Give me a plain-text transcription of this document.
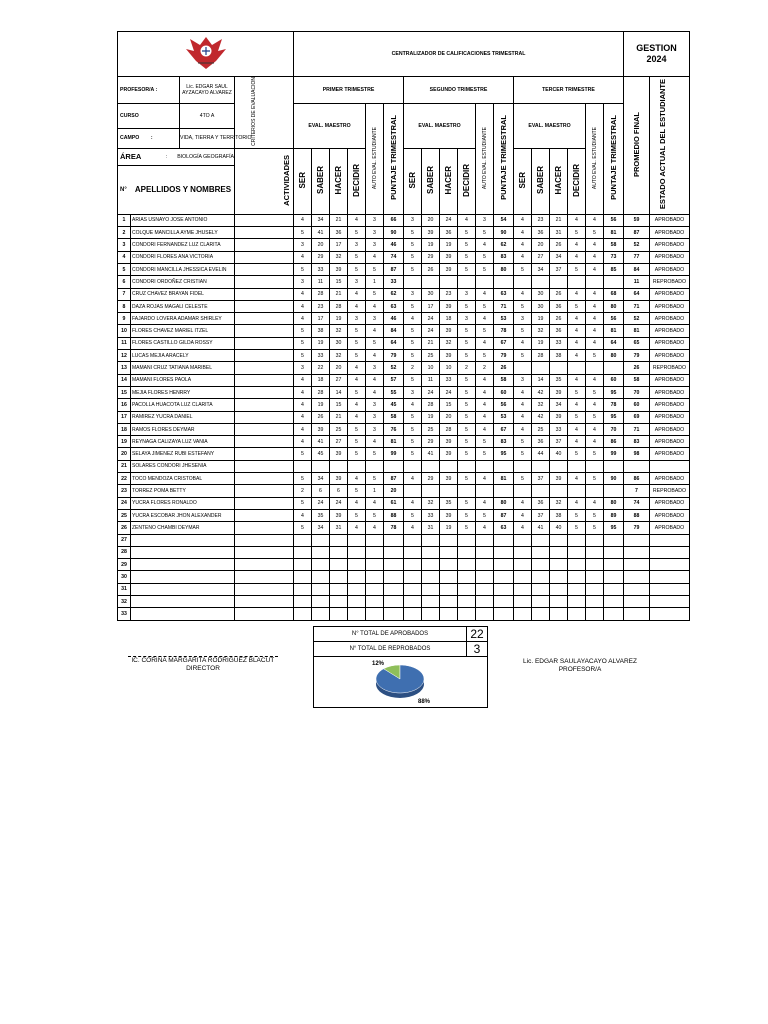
	CENTRALIZADOR DE CALIFICACIONES TRIMESTRAL																		GESTION
2024	

PROFESOR/A :		Lic. EDGAR SAUL AYZACAYO ALVAREZ	CRITERIOS DE EVALUACION	PRIMER TRIMESTRE						SEGUNDO TRIMESTRE						TERCER TRIMESTRE						PROMEDIO FINAL	ESTADO ACTUAL DEL ESTUDIANTE
CURSO		4TO A		EVAL. MAESTRO				AUTO EVAL. ESTUDIANTE	PUNTAJE TRIMESTRAL	EVAL. MAESTRO				AUTO EVAL. ESTUDIANTE	PUNTAJE TRIMESTRAL	EVAL. MAESTRO				AUTO EVAL. ESTUDIANTE	PUNTAJE TRIMESTRAL		
CAMPO        :		VIDA, TIERRA Y TERRITORIO																					

ÁREA :       BIOLOGÍA GEOGRAFÍA
N° APELLIDOS Y NOMBRES			ACTIVIDADES	SER	SABER	HACER	DECIDIR			SER	SABER	HACER	DECIDIR			SER	SABER	HACER	DECIDIR				
1	ARIAS USNAYO JOSE ANTONIO			4	34	21	4	3	66	3	20	24	4	3	54	4	23	21	4	4	56	59	APROBADO
2	COLQUE MANCILLA AYME JHUSELY			5	41	36	5	3	90	5	39	36	5	5	90	4	36	31	5	5	81	87	APROBADO
3	CONDORI FERNANDEZ LUZ CLARITA			3	20	17	3	3	46	5	19	19	5	4	62	4	20	26	4	4	58	52	APROBADO
4	CONDORI FLORES ANA VICTORIA			4	29	32	5	4	74	5	29	39	5	5	83	4	27	34	4	4	73	77	APROBADO
5	CONDORI MANCILLA JHESSICA EVELIN			5	33	39	5	5	87	5	26	39	5	5	80	5	34	37	5	4	85	84	APROBADO
6	CONDORI ORDOÑEZ CRISTIAN			3	11	15	3	1	33													11	REPROBADO
7	CRUZ CHAVEZ BRAYAN FIDEL			4	28	21	4	5	62	3	30	23	3	4	63	4	30	26	4	4	68	64	APROBADO
8	DAZA ROJAS MAGALI CELESTE			4	23	28	4	4	63	5	17	39	5	5	71	5	30	36	5	4	80	71	APROBADO
9	FAJARDO LOVERA ADAMAR SHIRLEY			4	17	19	3	3	46	4	24	18	3	4	53	3	19	26	4	4	56	52	APROBADO
10	FLORES CHAVEZ MARIEL ITZEL			5	38	32	5	4	84	5	24	39	5	5	78	5	32	36	4	4	81	81	APROBADO
11	FLORES CASTILLO GILDA ROSSY			5	19	30	5	5	64	5	21	32	5	4	67	4	19	33	4	4	64	65	APROBADO
12	LUCAS MEJIA ARACELY			5	33	32	5	4	79	5	25	39	5	5	79	5	28	38	4	5	80	79	APROBADO
13	MAMANI CRUZ TATIANA MARIBEL			3	22	20	4	3	52	2	10	10	2	2	26							26	REPROBADO
14	MAMANI FLORES PAOLA			4	18	27	4	4	57	5	11	33	5	4	58	3	14	35	4	4	60	58	APROBADO
15	MEJIA FLORES HENRRY			4	28	14	5	4	55	3	24	24	5	4	60	4	42	39	5	5	95	70	APROBADO
16	PACOLLA HUACOTA LUZ CLARITA			4	19	15	4	3	45	4	28	15	5	4	56	4	32	34	4	4	78	60	APROBADO
17	RAMIREZ YUCRA DANIEL			4	26	21	4	3	58	5	19	20	5	4	53	4	42	39	5	5	95	69	APROBADO
18	RAMOS FLORES DEYMAR			4	39	25	5	3	76	5	25	28	5	4	67	4	25	33	4	4	70	71	APROBADO
19	REYNAGA CALIZAYA LUZ VANIA			4	41	27	5	4	81	5	29	39	5	5	83	5	36	37	4	4	86	83	APROBADO
20	SELAYA JIMENEZ RUBI ESTEFANY			5	45	39	5	5	99	5	41	39	5	5	95	5	44	40	5	5	99	98	APROBADO
21	SOLARES CONDORI JHESENIA																						
22	TOCO MENDOZA CRISTOBAL			5	34	39	4	5	87	4	29	39	5	4	81	5	37	39	4	5	90	86	APROBADO
23	TORREZ POMA BETTY			2	6	6	5	1	20													7	REPROBADO
24	YUCRA FLORES RONALDO			5	24	24	4	4	61	4	32	35	5	4	80	4	36	32	4	4	80	74	APROBADO
25	YUCRA ESCOBAR JHON ALEXANDER			4	35	39	5	5	88	5	33	39	5	5	87	4	37	38	5	5	89	88	APROBADO
26	ZENTENO CHAMBI DEYMAR			5	34	31	4	4	78	4	31	19	5	4	63	4	41	40	5	5	95	79	APROBADO
27																							
28																							
29																							
30																							
31																							
32																							
33																							
N° TOTAL DE APROBADOS	22
N° TOTAL DE REPROBADOS	3
12%
88%
lC. CORINA MARGARITA RODRIGUEZ BLACUT
DIRECTOR
Lic. EDGAR SAULAYACAYO ALVAREZ
PROFESOR/A
